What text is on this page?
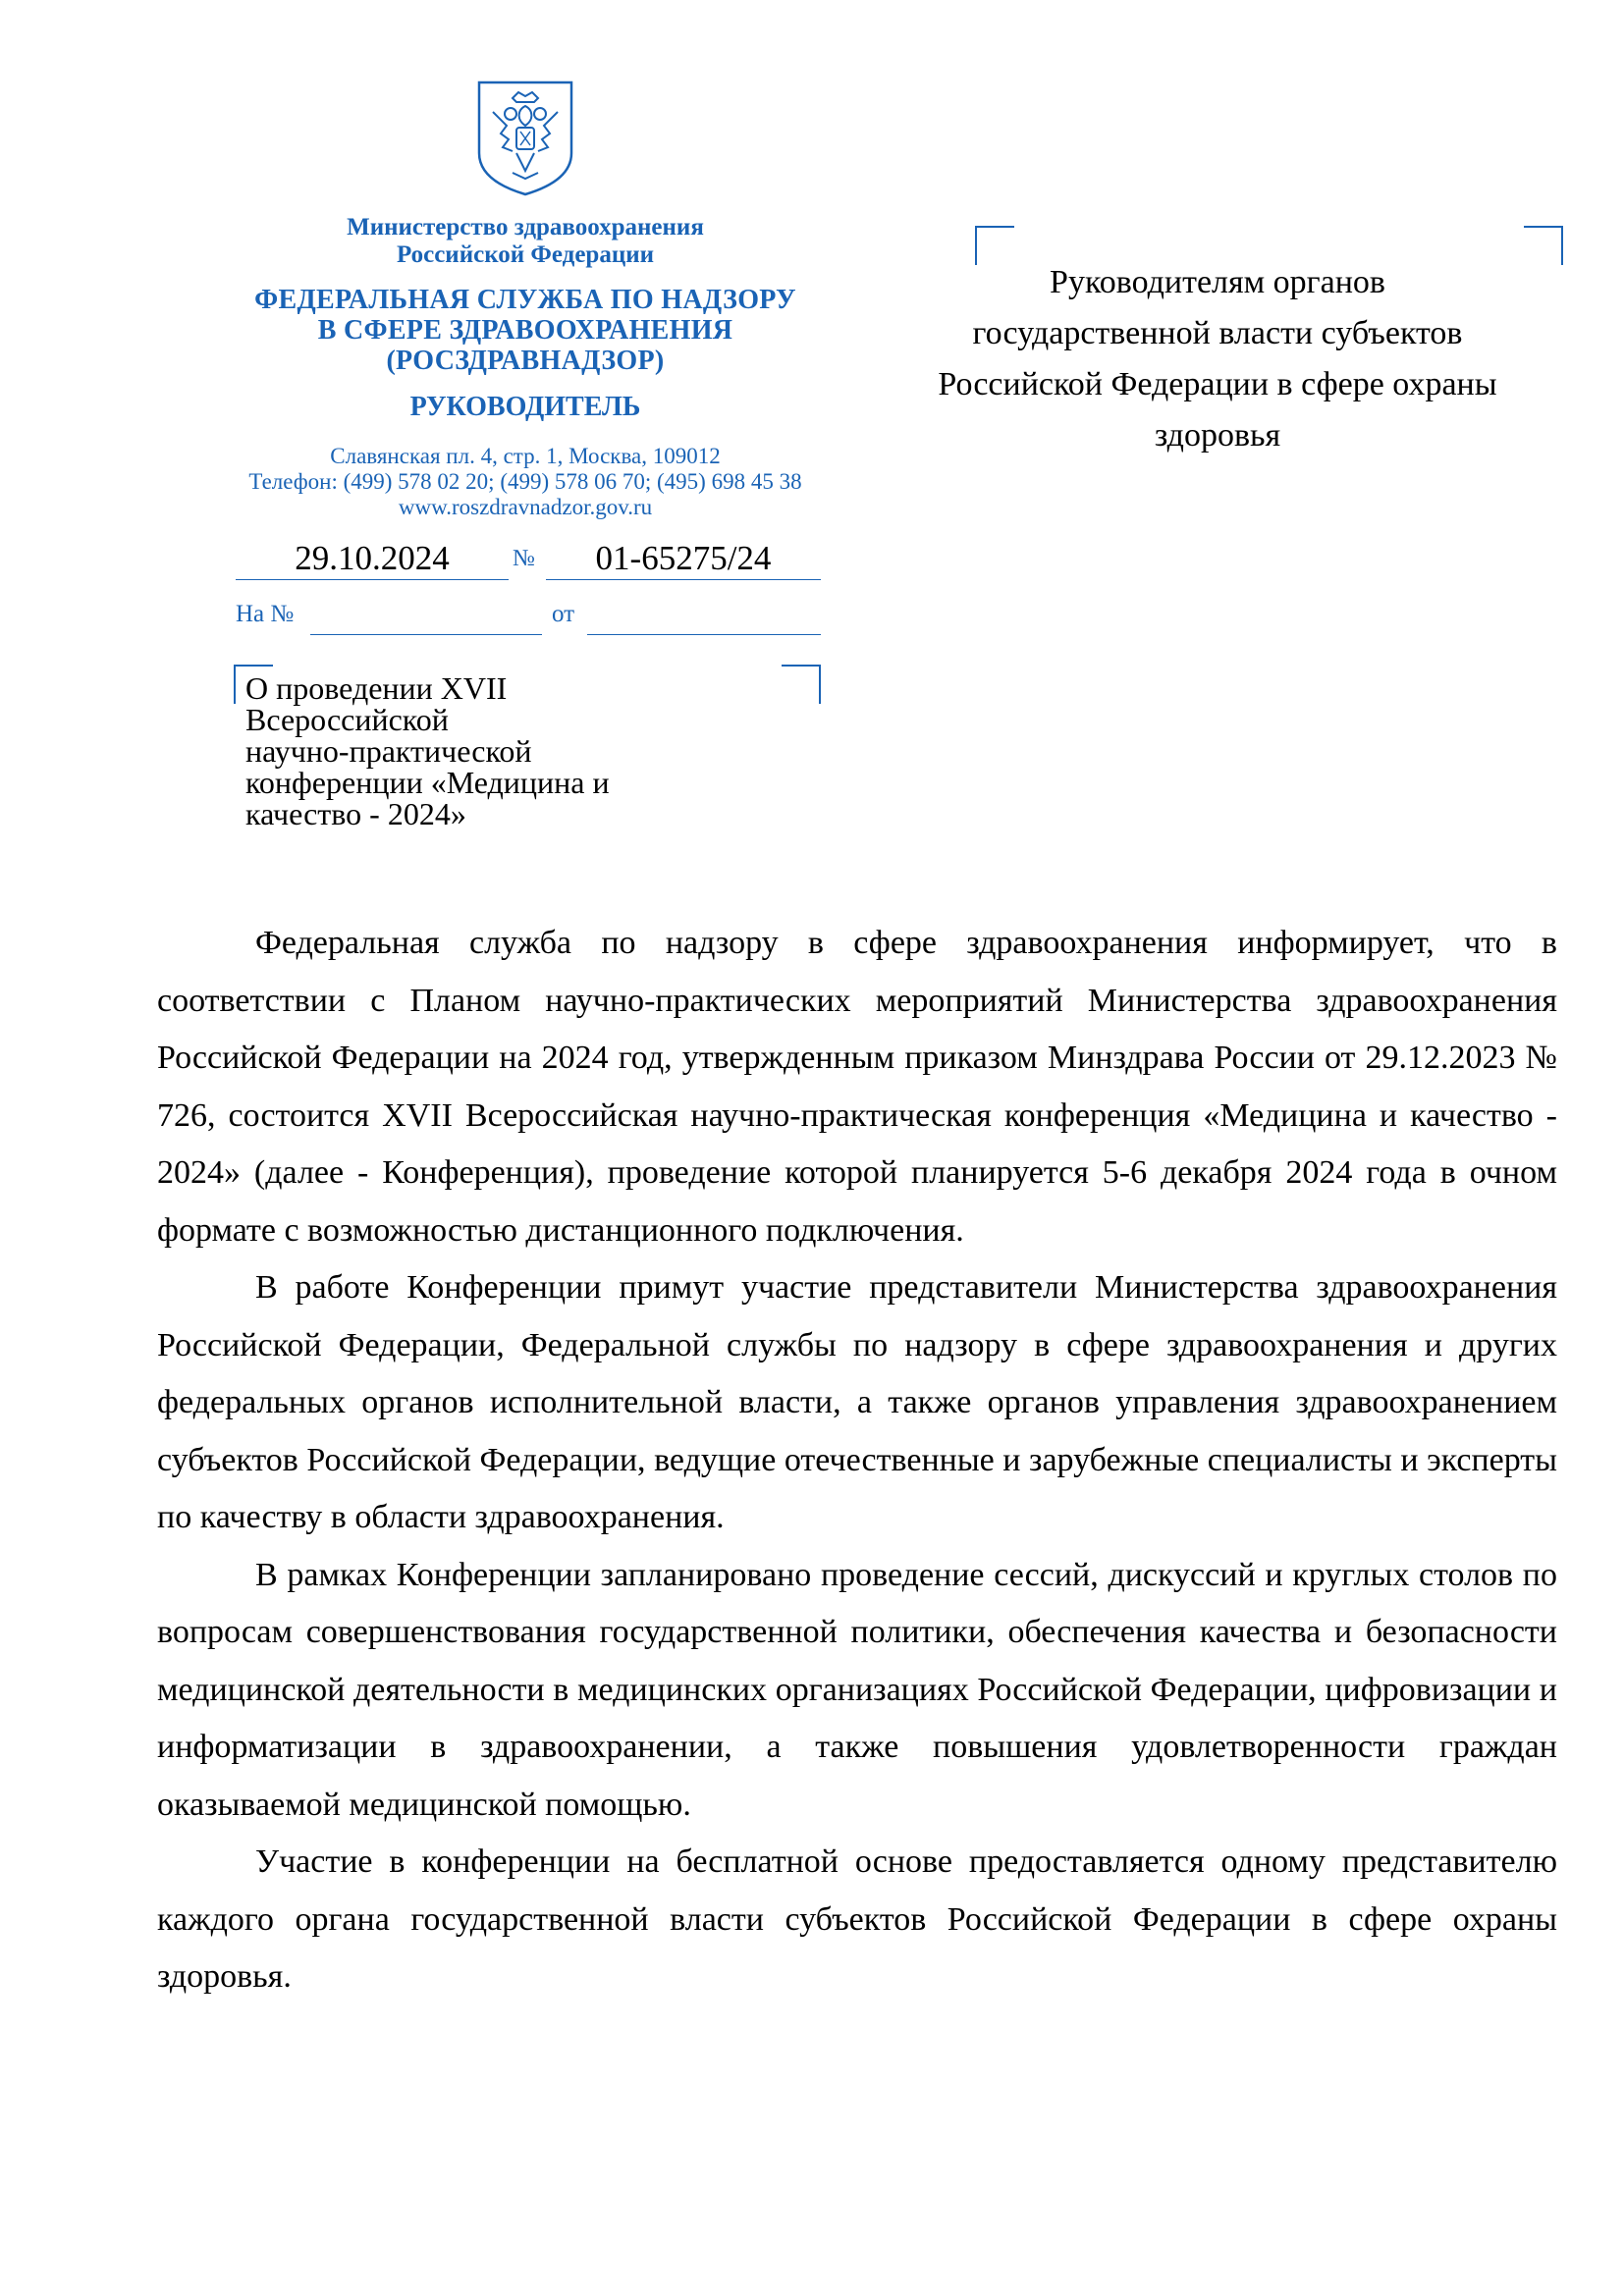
Министерство здравоохранения
Российской Федерации
ФЕДЕРАЛЬНАЯ СЛУЖБА ПО НАДЗОРУ
В СФЕРЕ ЗДРАВООХРАНЕНИЯ
(РОСЗДРАВНАДЗОР)
РУКОВОДИТЕЛЬ
Славянская пл. 4, стр. 1, Москва, 109012
Телефон: (499) 578 02 20; (499) 578 06 70; (495) 698 45 38
www.roszdravnadzor.gov.ru
29.10.2024	№	01-65275/24
На №	от
О проведении XVII
Всероссийской
научно-практической
конференции «Медицина и
качество - 2024»
Руководителям органов
государственной власти субъектов
Российской Федерации в сфере охраны
здоровья

Федеральная служба по надзору в сфере здравоохранения информирует, что в соответствии с Планом научно-практических мероприятий Министерства здравоохранения Российской Федерации на 2024 год, утвержденным приказом Минздрава России от 29.12.2023 № 726, состоится XVII Всероссийская научно-практическая конференция «Медицина и качество - 2024» (далее - Конференция), проведение которой планируется 5-6 декабря 2024 года в очном формате с возможностью дистанционного подключения.

В работе Конференции примут участие представители Министерства здравоохранения Российской Федерации, Федеральной службы по надзору в сфере здравоохранения и других федеральных органов исполнительной власти, а также органов управления здравоохранением субъектов Российской Федерации, ведущие отечественные и зарубежные специалисты и эксперты по качеству в области здравоохранения.

В рамках Конференции запланировано проведение сессий, дискуссий и круглых столов по вопросам совершенствования государственной политики, обеспечения качества и безопасности медицинской деятельности в медицинских организациях Российской Федерации, цифровизации и информатизации в здравоохранении, а также повышения удовлетворенности граждан оказываемой медицинской помощью.

Участие в конференции на бесплатной основе предоставляется одному представителю каждого органа государственной власти субъектов Российской Федерации в сфере охраны здоровья.
